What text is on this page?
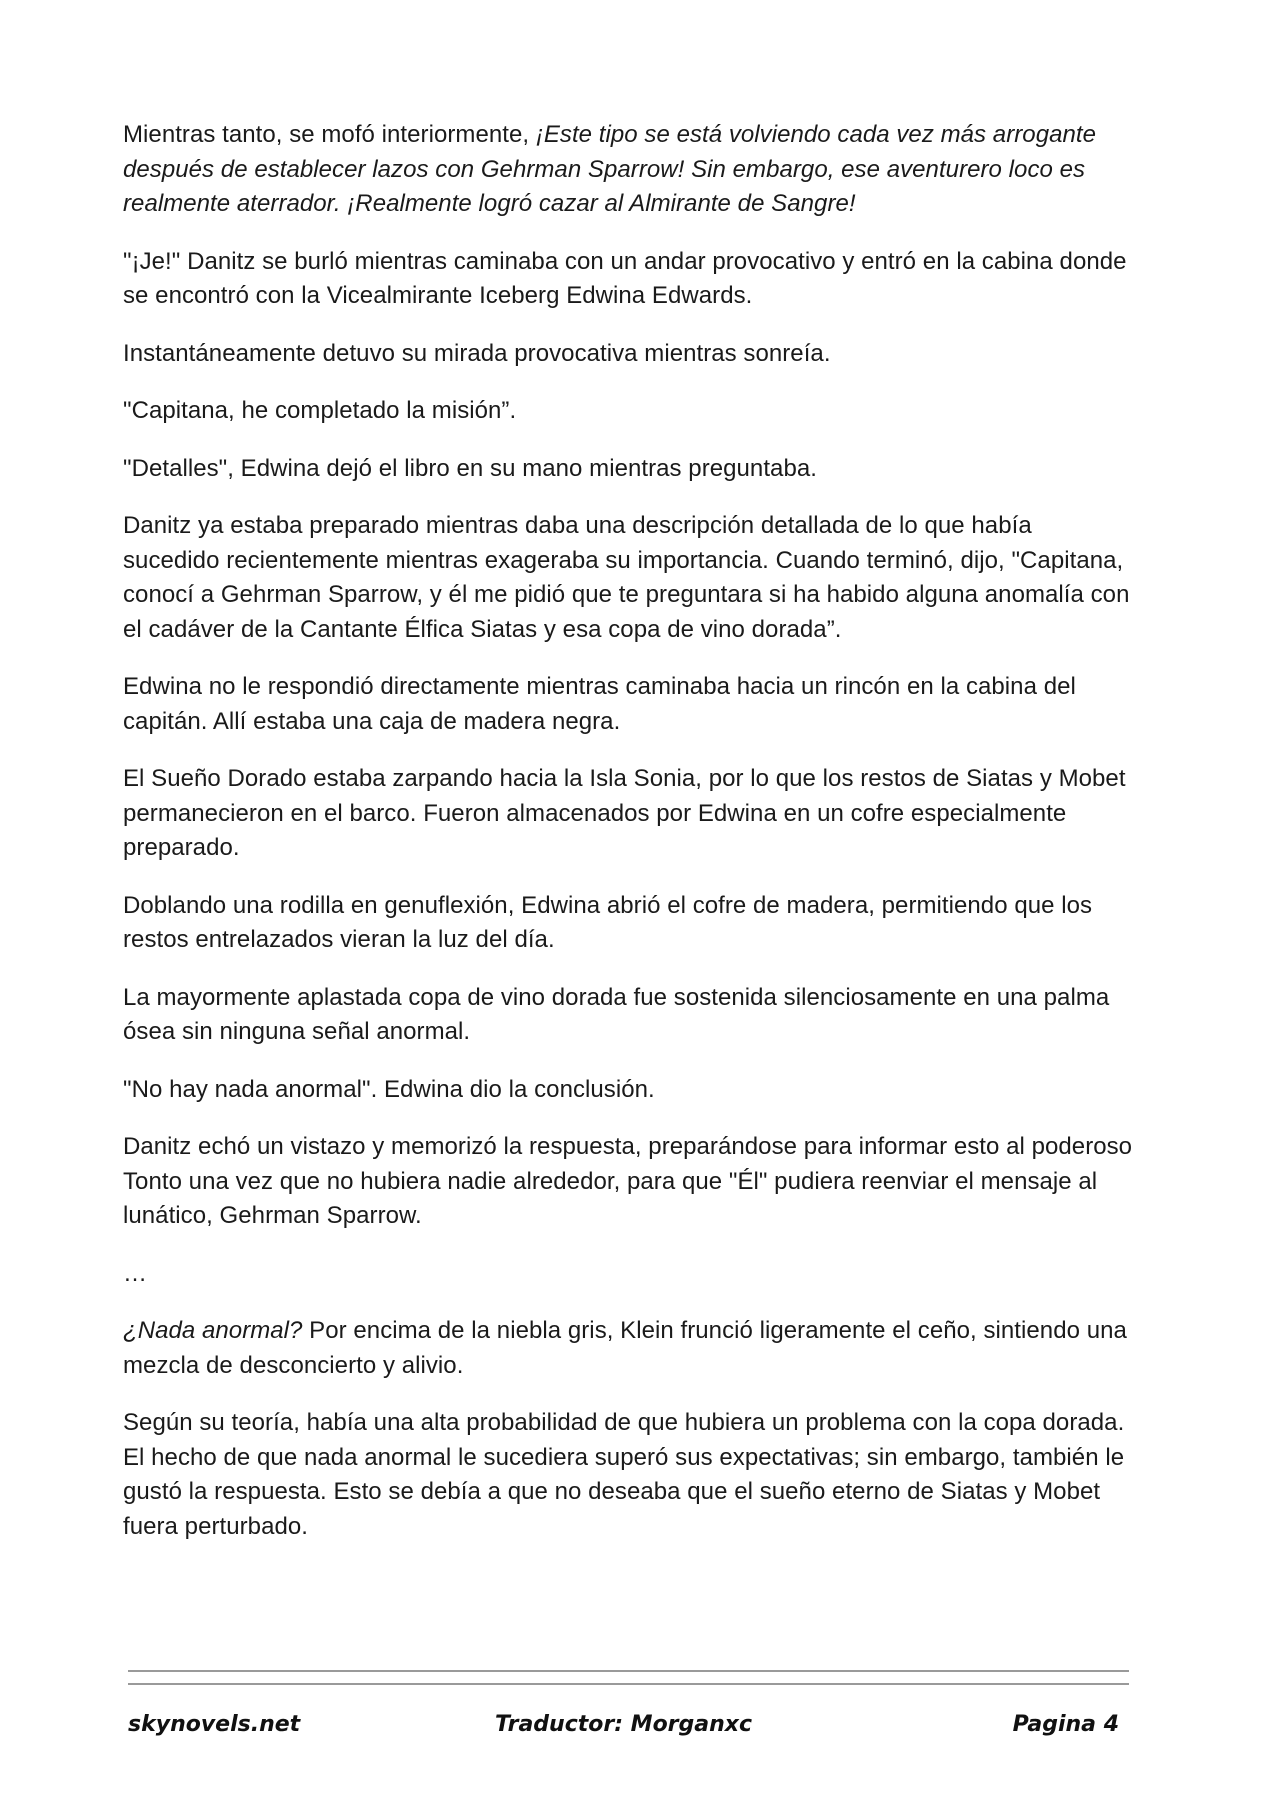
Mientras tanto, se mofó interiormente, ¡Este tipo se está volviendo cada vez más arrogante después de establecer lazos con Gehrman Sparrow! Sin embargo, ese aventurero loco es realmente aterrador. ¡Realmente logró cazar al Almirante de Sangre!

"¡Je!" Danitz se burló mientras caminaba con un andar provocativo y entró en la cabina donde se encontró con la Vicealmirante Iceberg Edwina Edwards.

Instantáneamente detuvo su mirada provocativa mientras sonreía.

"Capitana, he completado la misión”.

"Detalles", Edwina dejó el libro en su mano mientras preguntaba.

Danitz ya estaba preparado mientras daba una descripción detallada de lo que había sucedido recientemente mientras exageraba su importancia. Cuando terminó, dijo, "Capitana, conocí a Gehrman Sparrow, y él me pidió que te preguntara si ha habido alguna anomalía con el cadáver de la Cantante Élfica Siatas y esa copa de vino dorada”.

Edwina no le respondió directamente mientras caminaba hacia un rincón en la cabina del capitán. Allí estaba una caja de madera negra.

El Sueño Dorado estaba zarpando hacia la Isla Sonia, por lo que los restos de Siatas y Mobet permanecieron en el barco. Fueron almacenados por Edwina en un cofre especialmente preparado.

Doblando una rodilla en genuflexión, Edwina abrió el cofre de madera, permitiendo que los restos entrelazados vieran la luz del día.

La mayormente aplastada copa de vino dorada fue sostenida silenciosamente en una palma ósea sin ninguna señal anormal.

"No hay nada anormal". Edwina dio la conclusión.

Danitz echó un vistazo y memorizó la respuesta, preparándose para informar esto al poderoso Tonto una vez que no hubiera nadie alrededor, para que "Él" pudiera reenviar el mensaje al lunático, Gehrman Sparrow.

…

¿Nada anormal? Por encima de la niebla gris, Klein frunció ligeramente el ceño, sintiendo una mezcla de desconcierto y alivio.

Según su teoría, había una alta probabilidad de que hubiera un problema con la copa dorada. El hecho de que nada anormal le sucediera superó sus expectativas; sin embargo, también le gustó la respuesta. Esto se debía a que no deseaba que el sueño eterno de Siatas y Mobet fuera perturbado.

skynovels.net	Traductor: Morganxc	Pagina 4
